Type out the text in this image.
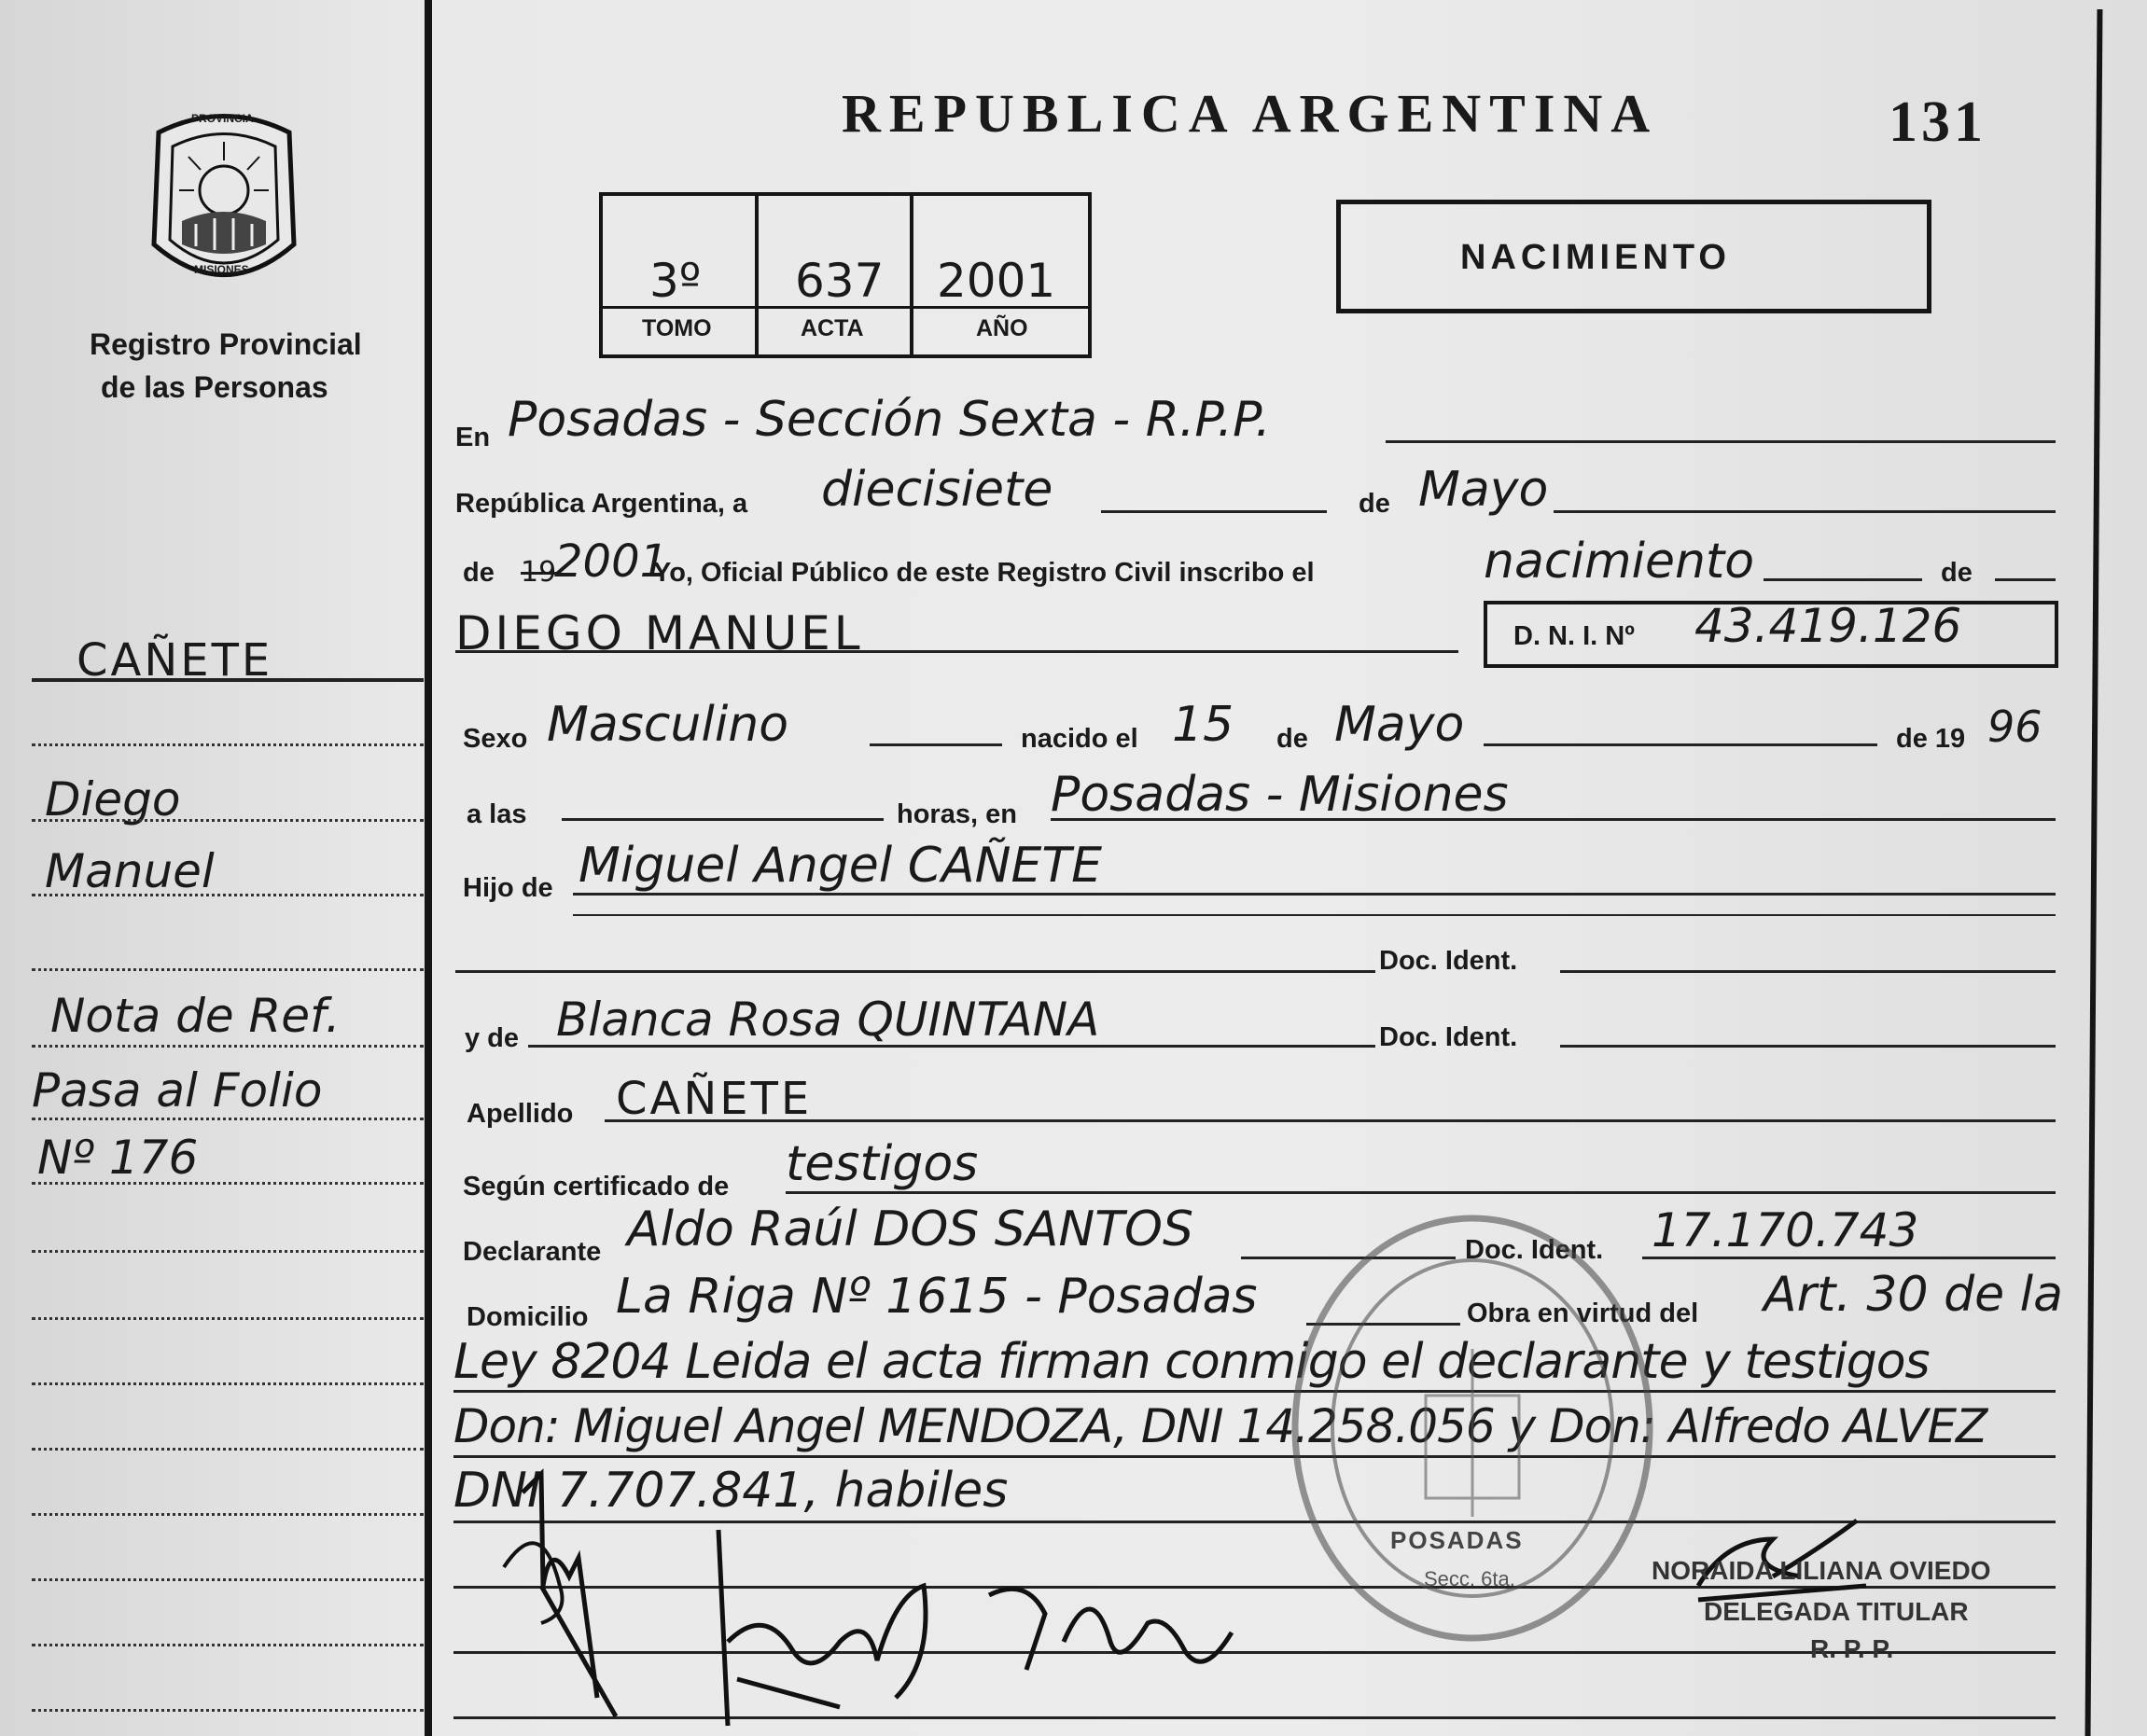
PROVINCIA
MISIONES
Registro Provincial
de las Personas
CAÑETE
Diego
Manuel
Nota de Ref.
Pasa al Folio
Nº 176
REPUBLICA ARGENTINA	131
3º 637 2001
TOMO	ACTA	AÑO
NACIMIENTO
En Posadas - Sección Sexta - R.P.P.
República Argentina, a diecisiete	de Mayo
de 19
2001
Yo, Oficial Público de este Registro Civil inscribo el	nacimiento	de
DIEGO MANUEL	D. N. I. Nº 43.419.126
Sexo Masculino	nacido el 15 de Mayo	de 19 96
a las	horas, en Posadas - Misiones
Hijo de Miguel Angel CAÑETE
Doc. Ident.
y de Blanca Rosa QUINTANA	Doc. Ident.
Apellido CAÑETE
Según certificado de testigos
Declarante Aldo Raúl DOS SANTOS	Doc. Ident. 17.170.743
Domicilio La Riga Nº 1615 - Posadas	Obra en virtud del Art. 30 de la
Ley 8204 Leida el acta firman conmigo el declarante y testigos
Don: Miguel Angel MENDOZA, DNI 14.258.056 y Don: Alfredo ALVEZ
DNI 7.707.841, habiles
POSADAS
Secc. 6ta.	NORAIDA LILIANA OVIEDO
DELEGADA TITULAR
R. P. P.
